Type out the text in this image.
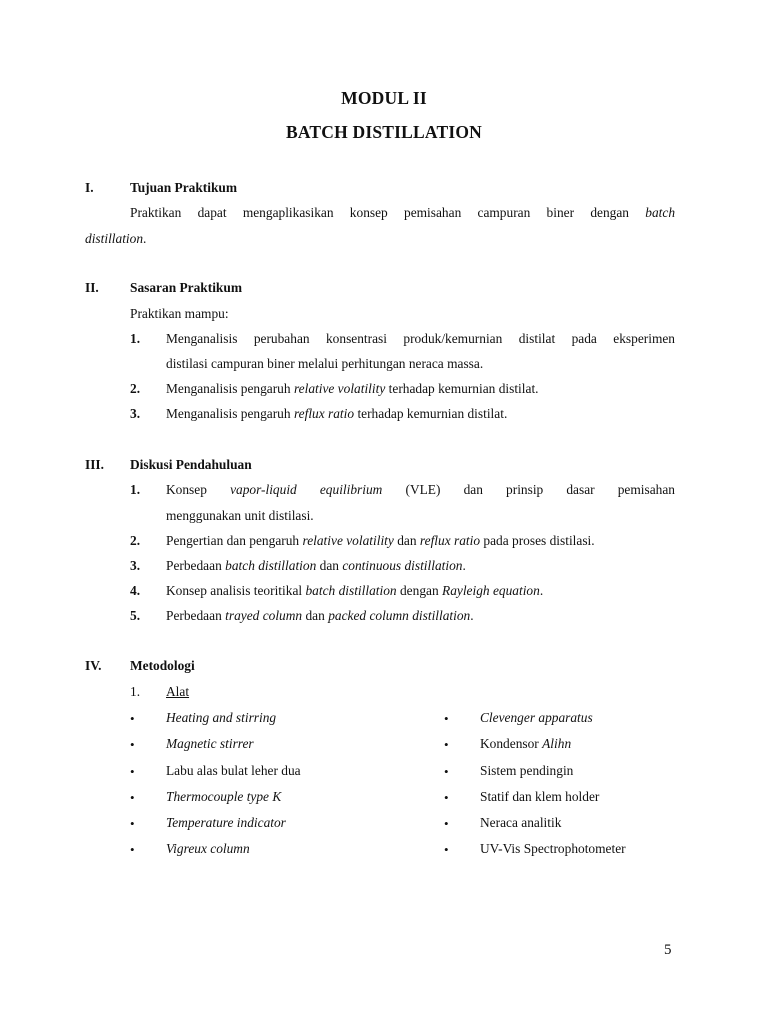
MODUL II
BATCH DISTILLATION
I.	Tujuan Praktikum
Praktikan dapat mengaplikasikan konsep pemisahan campuran biner dengan batch
distillation.
II. Sasaran Praktikum
Praktikan mampu:
1. Menganalisis perubahan konsentrasi produk/kemurnian distilat pada eksperimen
distilasi campuran biner melalui perhitungan neraca massa.
2. Menganalisis pengaruh relative volatility terhadap kemurnian distilat.
3. Menganalisis pengaruh reflux ratio terhadap kemurnian distilat.
III. Diskusi Pendahuluan
1. Konsep vapor-liquid equilibrium (VLE) dan prinsip dasar pemisahan
menggunakan unit distilasi.
2. Pengertian dan pengaruh relative volatility dan reflux ratio pada proses distilasi.
3. Perbedaan batch distillation dan continuous distillation.
4. Konsep analisis teoritikal batch distillation dengan Rayleigh equation.
5. Perbedaan trayed column dan packed column distillation.
IV. Metodologi
1. Alat
• Heating and stirring
• Magnetic stirrer
• Labu alas bulat leher dua
• Thermocouple type K
• Temperature indicator
• Vigreux column
• Clevenger apparatus
• Kondensor Alihn
• Sistem pendingin
• Statif dan klem holder
• Neraca analitik
• UV-Vis Spectrophotometer
5
